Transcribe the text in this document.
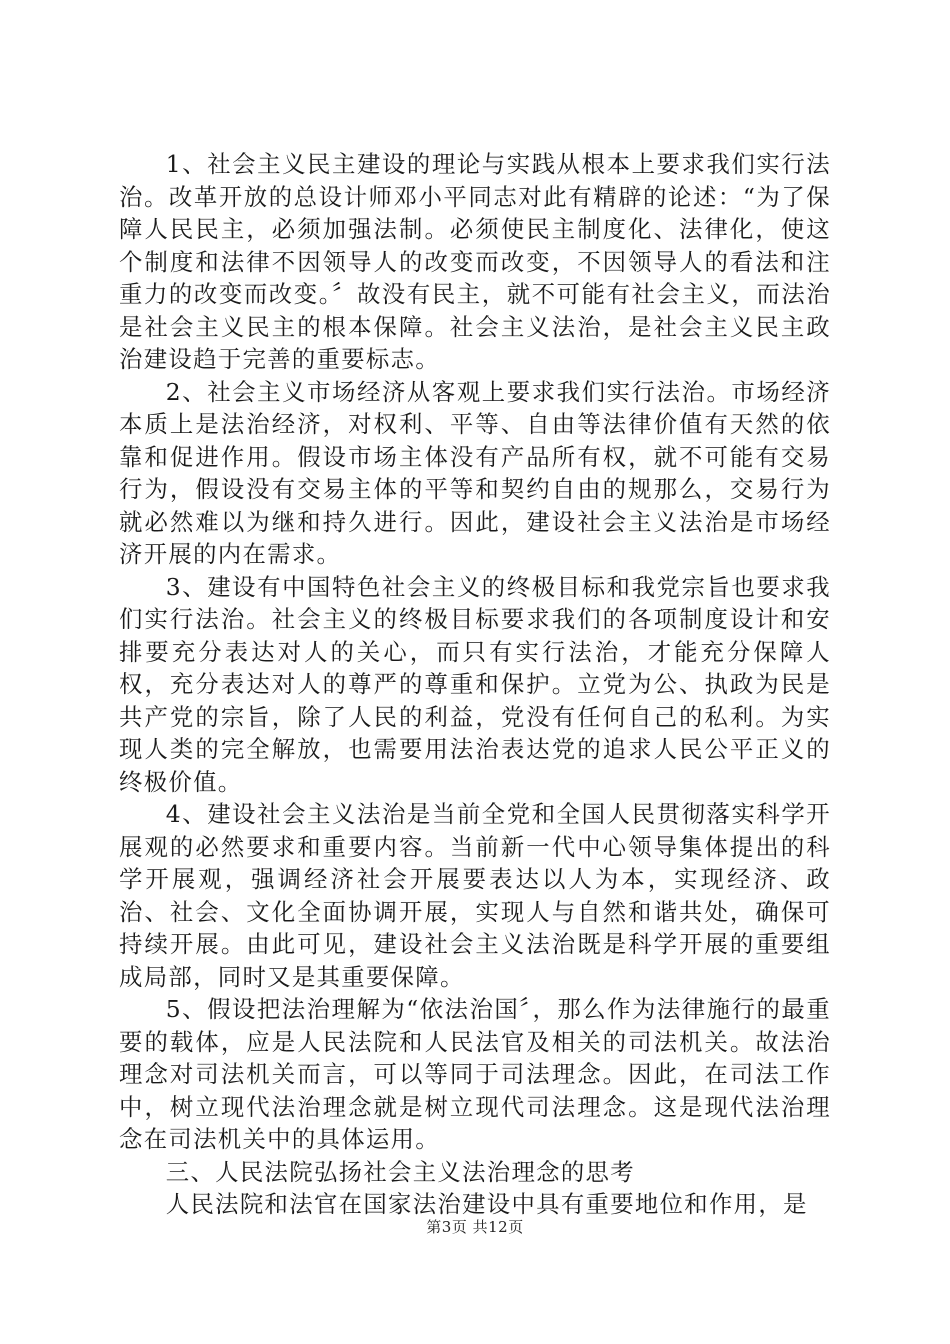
1、社会主义民主建设的理论与实践从根本上要求我们实行法治。改革开放的总设计师邓小平同志对此有精辟的论述：“为了保障人民民主，必须加强法制。必须使民主制度化、法律化，使这个制度和法律不因领导人的改变而改变，不因领导人的看法和注重力的改变而改变。〞故没有民主，就不可能有社会主义，而法治是社会主义民主的根本保障。社会主义法治，是社会主义民主政治建设趋于完善的重要标志。

2、社会主义市场经济从客观上要求我们实行法治。市场经济本质上是法治经济，对权利、平等、自由等法律价值有天然的依靠和促进作用。假设市场主体没有产品所有权，就不可能有交易行为，假设没有交易主体的平等和契约自由的规那么，交易行为就必然难以为继和持久进行。因此，建设社会主义法治是市场经济开展的内在需求。

3、建设有中国特色社会主义的终极目标和我党宗旨也要求我们实行法治。社会主义的终极目标要求我们的各项制度设计和安排要充分表达对人的关心，而只有实行法治，才能充分保障人权，充分表达对人的尊严的尊重和保护。立党为公、执政为民是共产党的宗旨，除了人民的利益，党没有任何自己的私利。为实现人类的完全解放，也需要用法治表达党的追求人民公平正义的终极价值。

4、建设社会主义法治是当前全党和全国人民贯彻落实科学开展观的必然要求和重要内容。当前新一代中心领导集体提出的科学开展观，强调经济社会开展要表达以人为本，实现经济、政治、社会、文化全面协调开展，实现人与自然和谐共处，确保可持续开展。由此可见，建设社会主义法治既是科学开展的重要组成局部，同时又是其重要保障。

5、假设把法治理解为“依法治国〞，那么作为法律施行的最重要的载体，应是人民法院和人民法官及相关的司法机关。故法治理念对司法机关而言，可以等同于司法理念。因此，在司法工作中，树立现代法治理念就是树立现代司法理念。这是现代法治理念在司法机关中的具体运用。

三、人民法院弘扬社会主义法治理念的思考

人民法院和法官在国家法治建设中具有重要地位和作用，是

第3页 共12页
